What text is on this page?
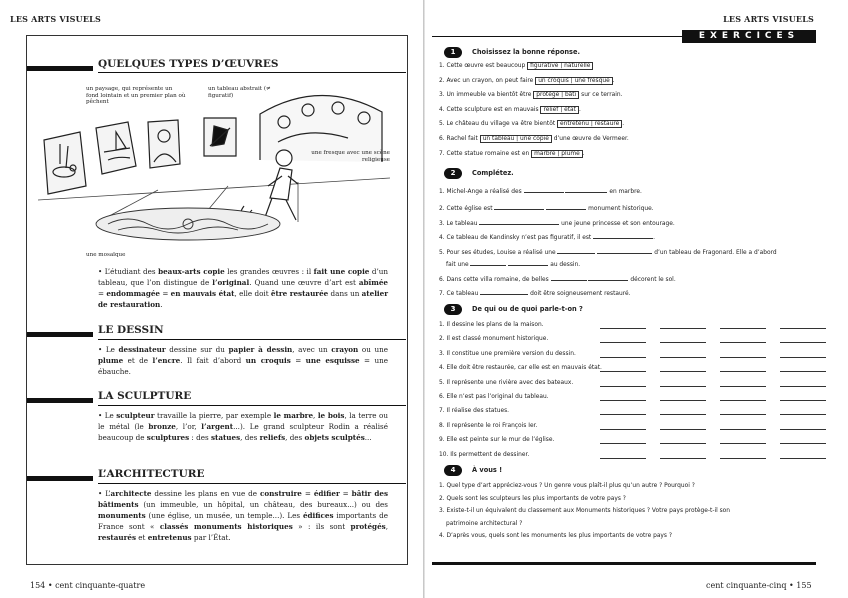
LES ARTS VISUELS
QUELQUES TYPES D’ŒUVRES
un paysage, qui représente un fond lointain et un premier plan où pêchent
un tableau abstrait (≠ figuratif)
une fresque avec une scène religieuse
une mosaïque
• L’étudiant des beaux-arts copie les grandes œuvres : il fait une copie d’un tableau, que l’on distingue de l’original. Quand une œuvre d’art est abîmée = endommagée = en mauvais état, elle doit être restaurée dans un atelier de restauration.
LE DESSIN
• Le dessinateur dessine sur du papier à dessin, avec un crayon ou une plume et de l’encre. Il fait d’abord un croquis = une esquisse = une ébauche.
LA SCULPTURE
• Le sculpteur travaille la pierre, par exemple le marbre, le bois, la terre ou le métal (le bronze, l’or, l’argent...). Le grand sculpteur Rodin a réalisé beaucoup de sculptures : des statues, des reliefs, des objets sculptés...
L’ARCHITECTURE
• L’architecte dessine les plans en vue de construire = édifier = bâtir des bâtiments (un immeuble, un hôpital, un château, des bureaux...) ou des monuments (une église, un musée, un temple...). Les édifices importants de France sont « classés monuments historiques » : ils sont protégés, restaurés et entretenus par l’État.
154 • cent cinquante-quatre
LES ARTS VISUELS
EXERCICES
1	Choisissez la bonne réponse.
1. Cette œuvre est beaucoup figurative | naturelle
2. Avec un crayon, on peut faire un croquis | une fresque .
3. Un immeuble va bientôt être protégé | bâti sur ce terrain.
4. Cette sculpture est en mauvais relief | état .
5. Le château du village va être bientôt entretenu | restauré .
6. Rachel fait un tableau | une copie d’une œuvre de Vermeer.
7. Cette statue romaine est en marbre | plume .
2	Complétez.
1. Michel-Ange a réalisé des	en marbre.
2. Cette église est	monument historique.
3. Le tableau	une jeune princesse et son entourage.
4. Ce tableau de Kandinsky n’est pas figuratif, il est	.
5. Pour ses études, Louise a réalisé une	d’un tableau de Fragonard. Elle a d’abord
fait une	au dessin.
6. Dans cette villa romaine, de belles	décorent le sol.
7. Ce tableau	doit être soigneusement restauré.
3	De qui ou de quoi parle-t-on ?
1. Il dessine les plans de la maison.
2. Il est classé monument historique.
3. Il constitue une première version du dessin.
4. Elle doit être restaurée, car elle est en mauvais état.
5. Il représente une rivière avec des bateaux.
6. Elle n’est pas l’original du tableau.
7. Il réalise des statues.
8. Il représente le roi François Ier.
9. Elle est peinte sur le mur de l’église.
10. Ils permettent de dessiner.
4	À vous !
1. Quel type d’art appréciez-vous ? Un genre vous plaît-il plus qu’un autre ? Pourquoi ?
2. Quels sont les sculpteurs les plus importants de votre pays ?
3. Existe-t-il un équivalent du classement aux Monuments historiques ? Votre pays protège-t-il son
patrimoine architectural ?
4. D’après vous, quels sont les monuments les plus importants de votre pays ?
cent cinquante-cinq • 155
